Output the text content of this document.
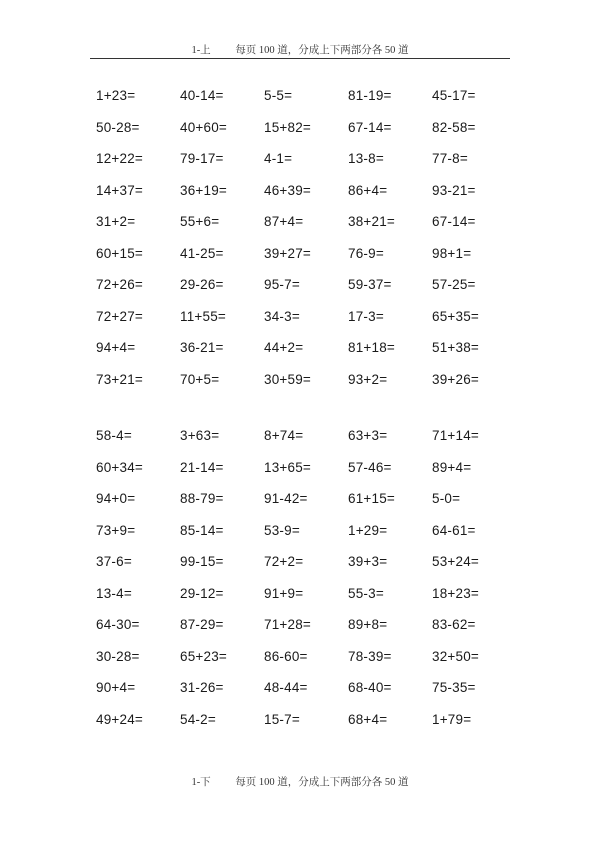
1-上 每页 100 道，分成上下两部分各 50 道
1+23=	40-14=	5-5=	81-19=	45-17=
50-28=	40+60=	15+82=	67-14=	82-58=
12+22=	79-17=	4-1=	13-8=	77-8=
14+37=	36+19=	46+39=	86+4=	93-21=
31+2=	55+6=	87+4=	38+21=	67-14=
60+15=	41-25=	39+27=	76-9=	98+1=
72+26=	29-26=	95-7=	59-37=	57-25=
72+27=	11+55=	34-3=	17-3=	65+35=
94+4=	36-21=	44+2=	81+18=	51+38=
73+21=	70+5=	30+59=	93+2=	39+26=
58-4=	3+63=	8+74=	63+3=	71+14=
60+34=	21-14=	13+65=	57-46=	89+4=
94+0=	88-79=	91-42=	61+15=	5-0=
73+9=	85-14=	53-9=	1+29=	64-61=
37-6=	99-15=	72+2=	39+3=	53+24=
13-4=	29-12=	91+9=	55-3=	18+23=
64-30=	87-29=	71+28=	89+8=	83-62=
30-28=	65+23=	86-60=	78-39=	32+50=
90+4=	31-26=	48-44=	68-40=	75-35=
49+24=	54-2=	15-7=	68+4=	1+79=
1-下 每页 100 道，分成上下两部分各 50 道
